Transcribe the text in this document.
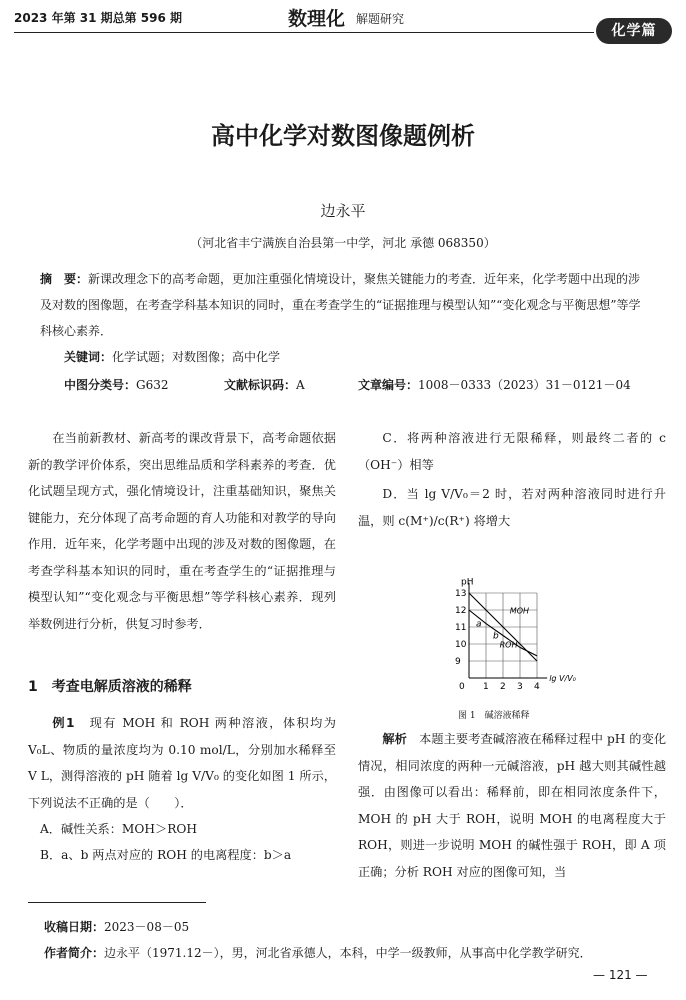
2023 年第 31 期总第 596 期	数理化 解题研究
化学篇
高中化学对数图像题例析
边永平
（河北省丰宁满族自治县第一中学，河北 承德 068350）
摘　要：新课改理念下的高考命题，更加注重强化情境设计，聚焦关键能力的考查．近年来，化学考题中出现的涉及对数的图像题，在考查学科基本知识的同时，重在考查学生的“证据推理与模型认知”“变化观念与平衡思想”等学科核心素养．
关键词：化学试题；对数图像；高中化学
中图分类号：G632	文献标识码：A	文章编号：1008－0333（2023）31－0121－04
在当前新教材、新高考的课改背景下，高考命题依据新的教学评价体系，突出思维品质和学科素养的考查．优化试题呈现方式，强化情境设计，注重基础知识，聚焦关键能力，充分体现了高考命题的育人功能和对教学的导向作用．近年来，化学考题中出现的涉及对数的图像题，在考查学科基本知识的同时，重在考查学生的“证据推理与模型认知”“变化观念与平衡思想”等学科核心素养．现列举数例进行分析，供复习时参考．
1　考查电解质溶液的稀释
例1　 现有 MOH 和 ROH 两种溶液，体积均为 V₀L、物质的量浓度均为 0.10 mol/L，分别加水稀释至 V L，测得溶液的 pH 随着 lg V/V₀ 的变化如图 1 所示，下列说法不正确的是（　　）．
A．碱性关系：MOH＞ROH
B．a、b 两点对应的 ROH 的电离程度：b＞a
C．将两种溶液进行无限稀释，则最终二者的 c（OH⁻）相等
D．当 lg V/V₀＝2 时，若对两种溶液同时进行升温，则 c(M⁺)/c(R⁺) 将增大
0 1 2 3 4
9
10
11
12
13
pH
lg V/V₀
MOH
ROH
a
b
图 1　碱溶液稀释
解析　 本题主要考查碱溶液在稀释过程中 pH 的变化情况，相同浓度的两种一元碱溶液，pH 越大则其碱性越强．由图像可以看出：稀释前，即在相同浓度条件下，MOH 的 pH 大于 ROH，说明 MOH 的电离程度大于 ROH，则进一步说明 MOH 的碱性强于 ROH，即 A 项正确；分析 ROH 对应的图像可知，当
收稿日期：2023－08－05
作者简介：边永平（1971.12－），男，河北省承德人，本科，中学一级教师，从事高中化学教学研究．
— 121 —
